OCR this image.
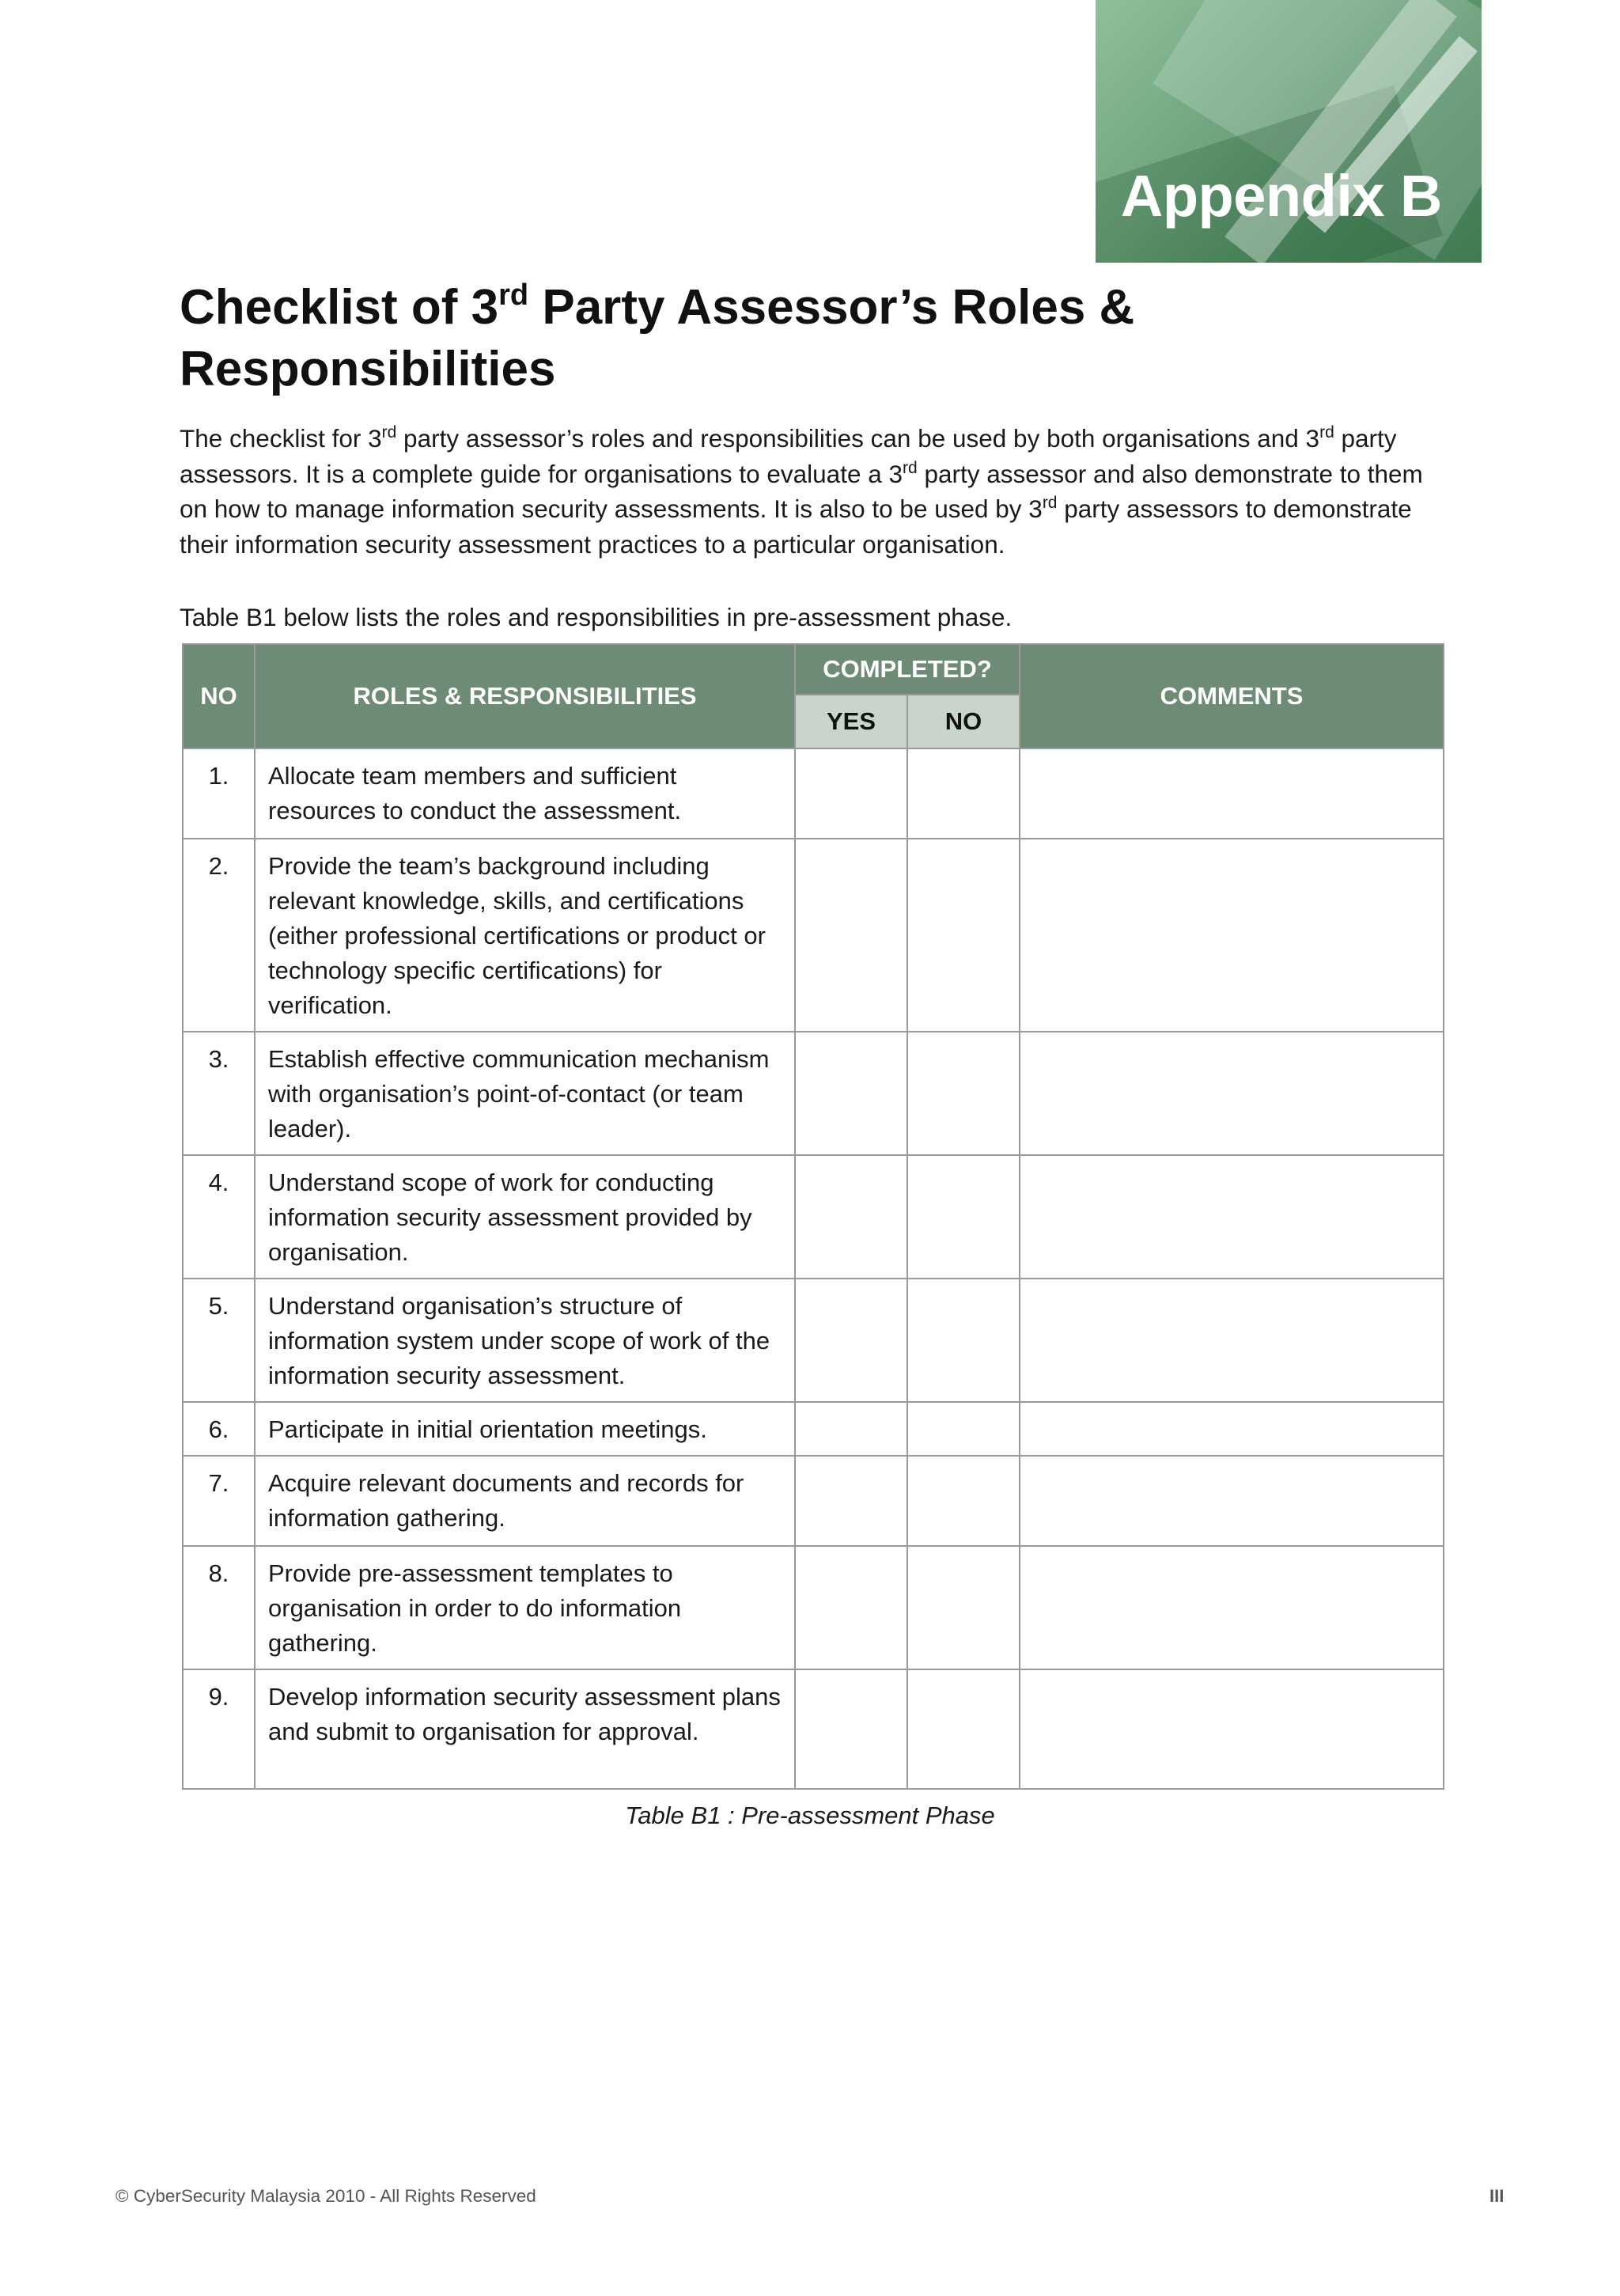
Appendix B
Checklist of 3rd Party Assessor’s Roles &
Responsibilities

The checklist for 3rd party assessor’s roles and responsibilities can be used by both organisations and 3rd party assessors. It is a complete guide for organisations to evaluate a 3rd party assessor and also demonstrate to them on how to manage information security assessments. It is also to be used by 3rd party assessors to demonstrate their information security assessment practices to a particular organisation.

Table B1 below lists the roles and responsibilities in pre-assessment phase.

NO	ROLES & RESPONSIBILITIES	COMPLETED?		COMMENTS
		YES	NO	
1.	Allocate team members and sufficient resources to conduct the assessment.			
2.	Provide the team’s background including relevant knowledge, skills, and certifications (either professional certifications or product or technology specific certifications) for verification.			
3.	Establish effective communication mechanism with organisation’s point-of-contact (or team leader).			
4.	Understand scope of work for conducting information security assessment provided by organisation.			
5.	Understand organisation’s structure of information system under scope of work of the information security assessment.			
6.	Participate in initial orientation meetings.			
7.	Acquire relevant documents and records for information gathering.			
8.	Provide pre-assessment templates to organisation in order to do information gathering.			
9.	Develop information security assessment plans and submit to organisation for approval.			
Table B1 : Pre-assessment Phase
© CyberSecurity Malaysia 2010 - All Rights Reserved	III
